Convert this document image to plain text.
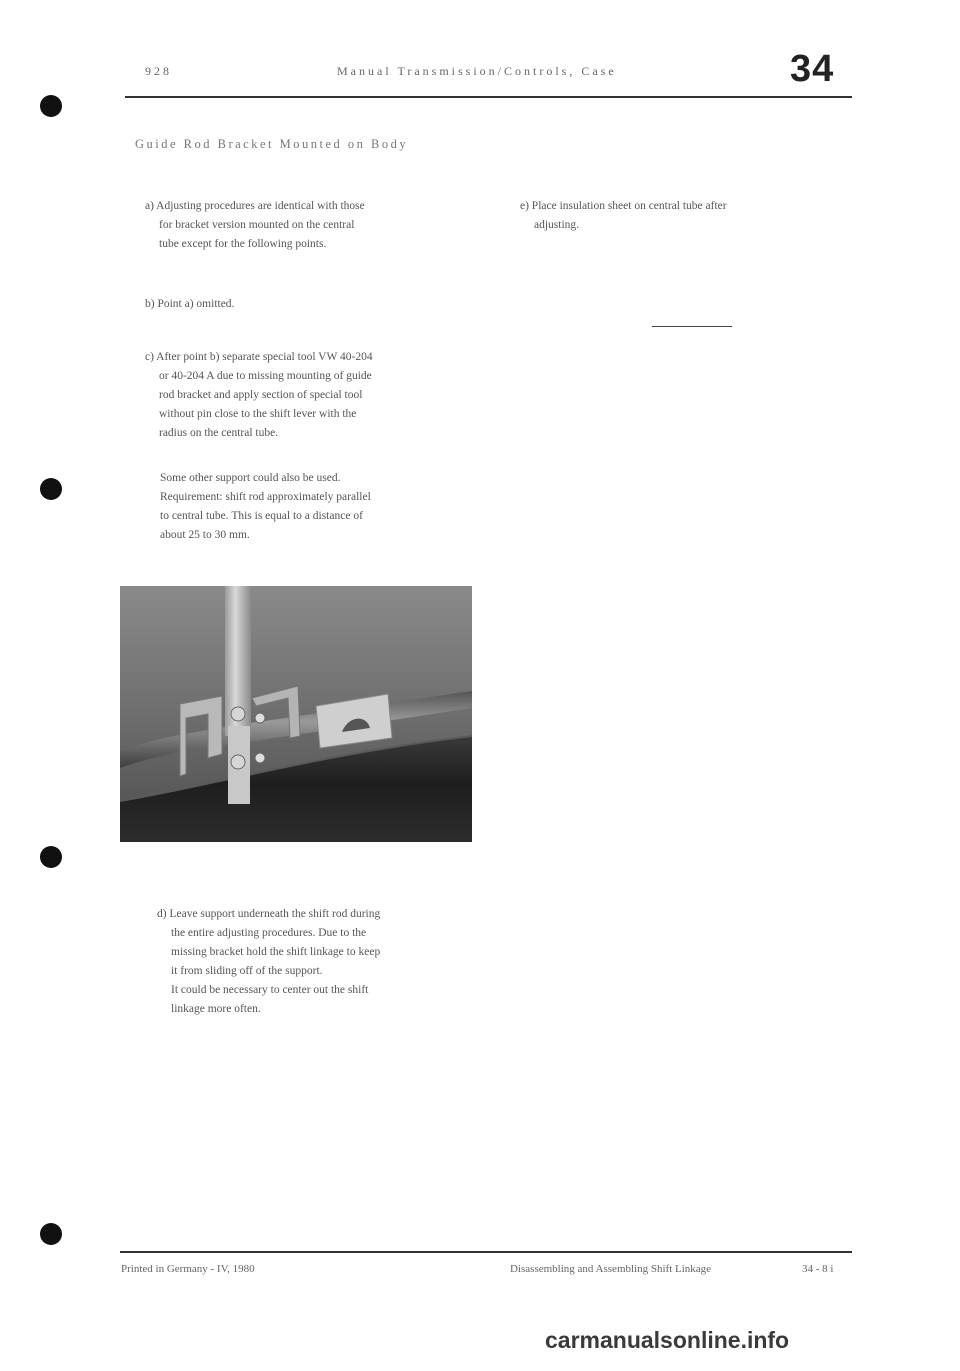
928	Manual Transmission/Controls, Case	34
Guide Rod Bracket Mounted on Body
a) Adjusting procedures are identical with those
for bracket version mounted on the central
tube except for the following points.
b) Point a) omitted.
c) After point b) separate special tool VW 40-204
or 40-204 A due to missing mounting of guide
rod bracket and apply section of special tool
without pin close to the shift lever with the
radius on the central tube.
Some other support could also be used.
Requirement: shift rod approximately parallel
to central tube. This is equal to a distance of
about 25 to 30 mm.
d) Leave support underneath the shift rod during
the entire adjusting procedures. Due to the
missing bracket hold the shift linkage to keep
it from sliding off of the support.
It could be necessary to center out the shift
linkage more often.
e) Place insulation sheet on central tube after
adjusting.
Printed in Germany - IV, 1980	Disassembling and Assembling Shift Linkage	34 - 8 i
carmanualsonline.info
